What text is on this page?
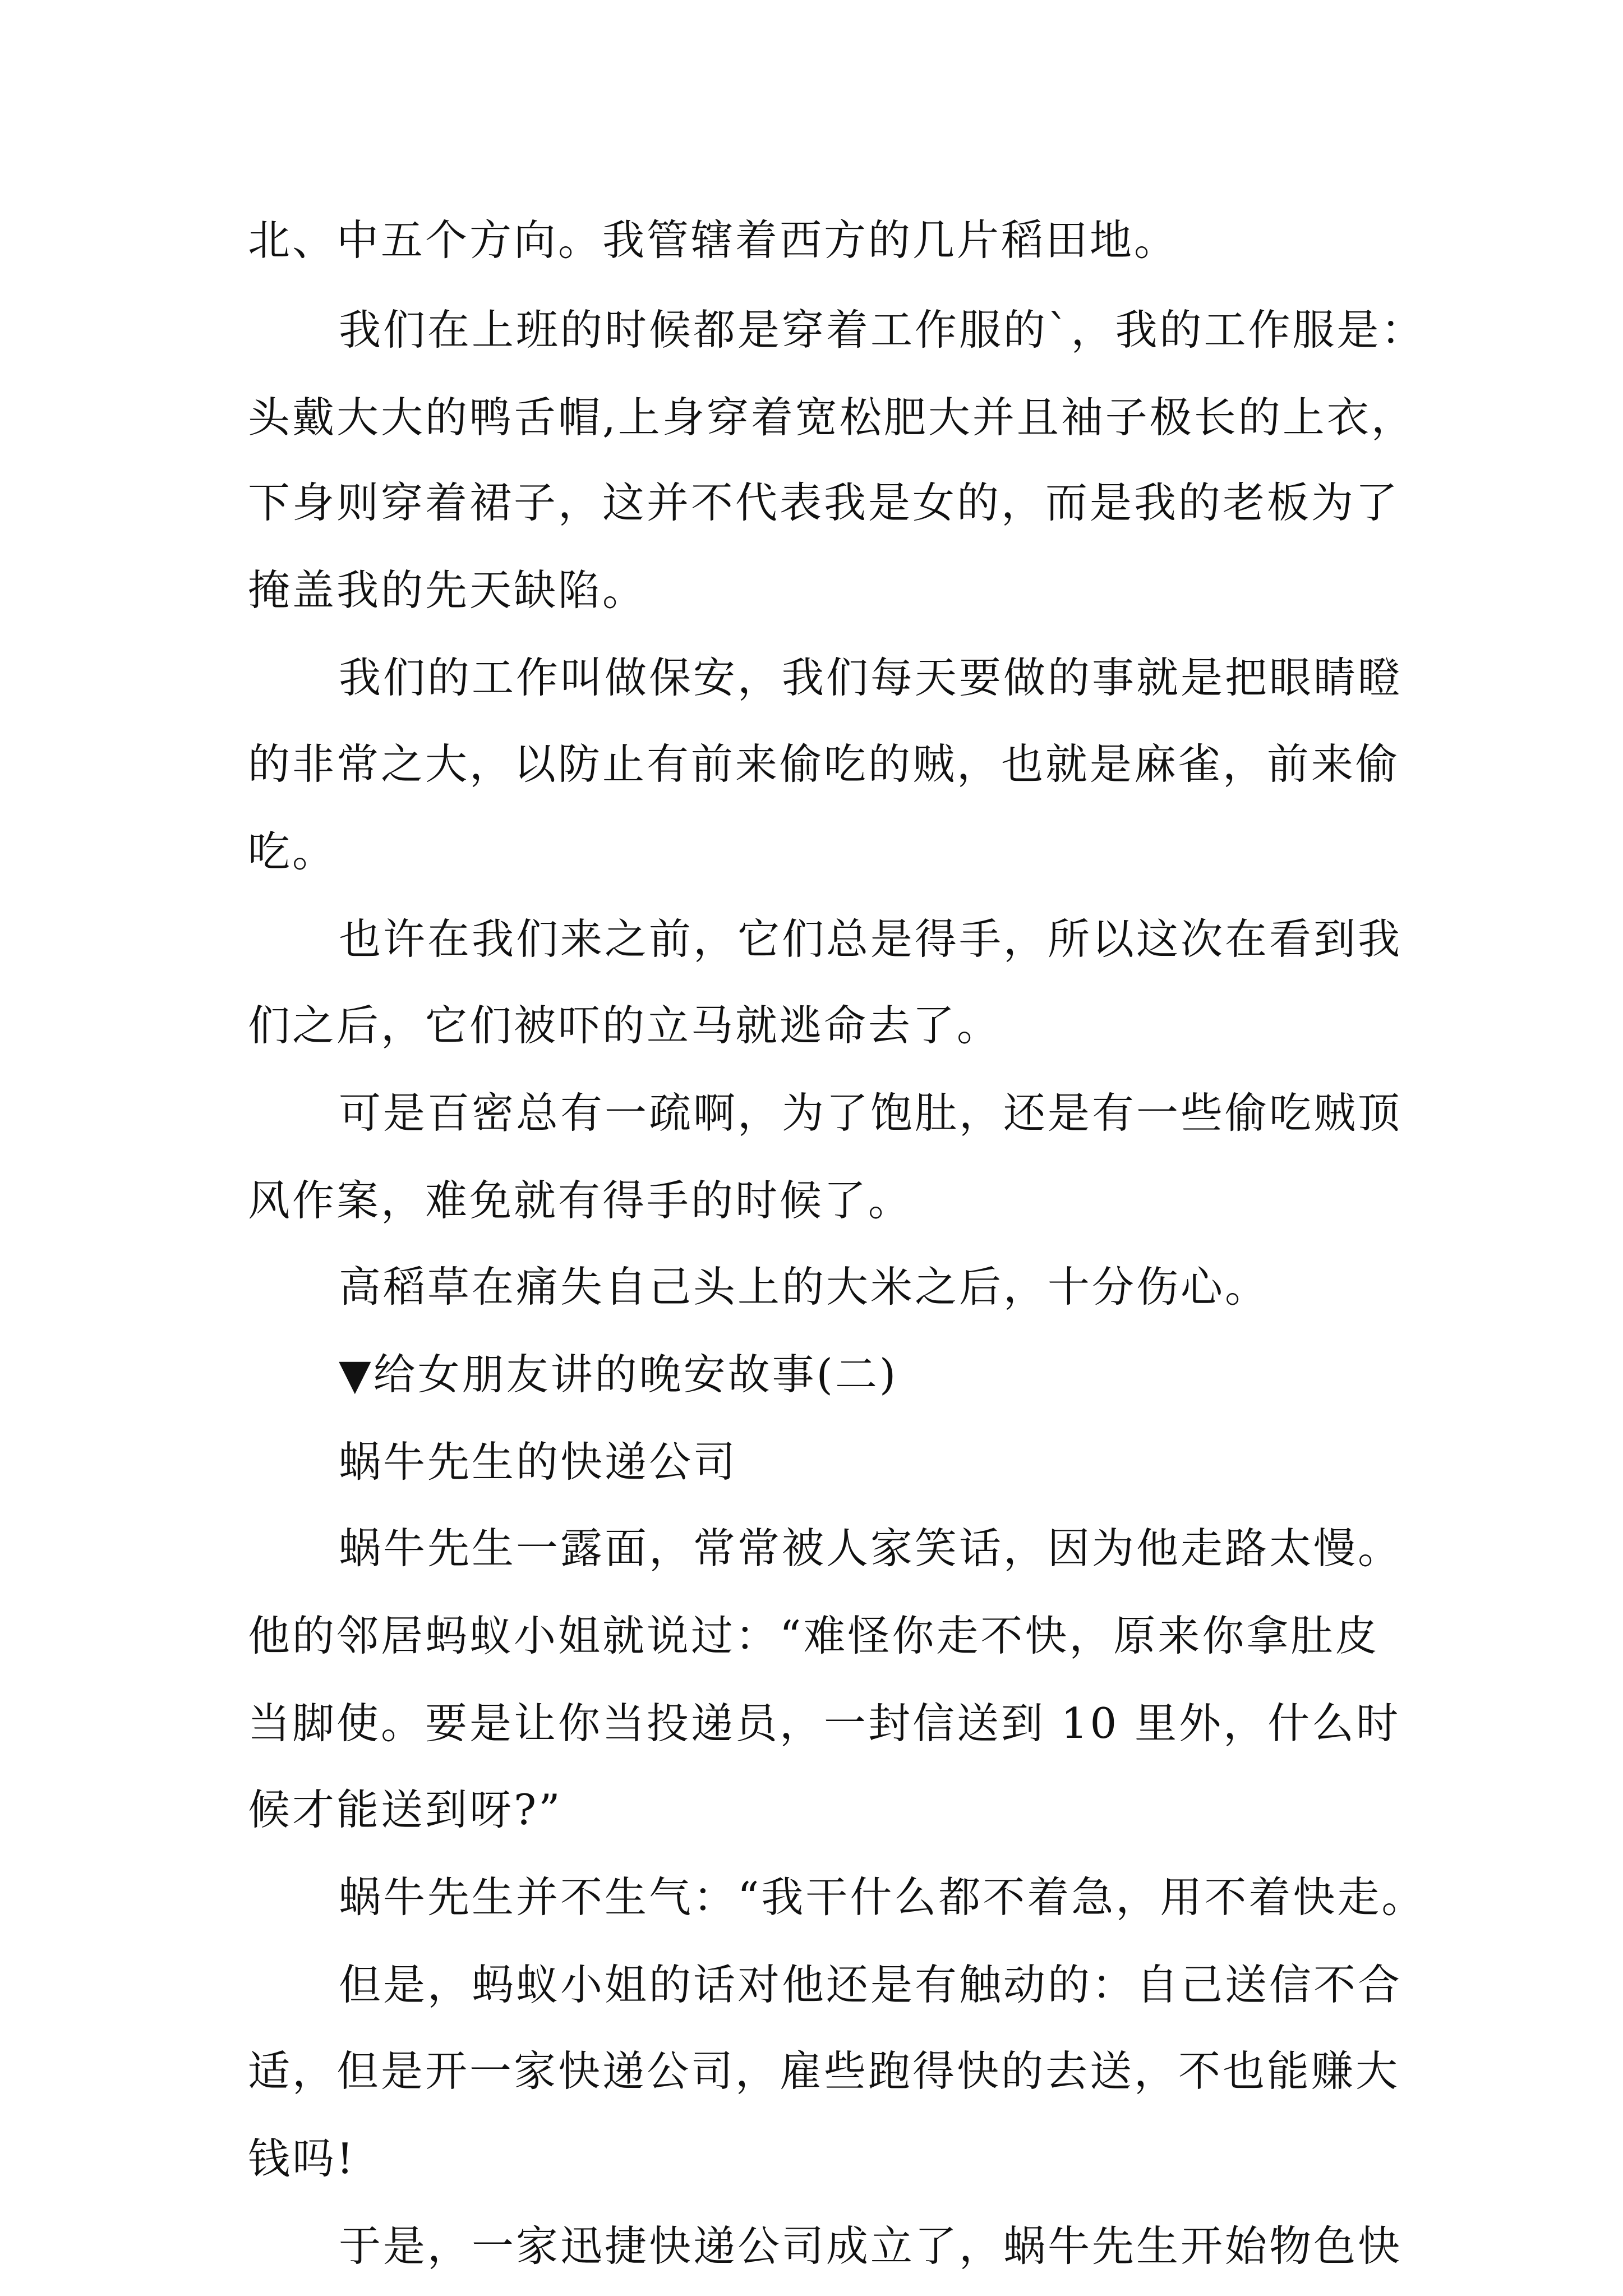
北、中五个方向。我管辖着西方的几片稻田地。
我们在上班的时候都是穿着工作服的`，我的工作服是：
头戴大大的鸭舌帽,上身穿着宽松肥大并且袖子极长的上衣，
下身则穿着裙子，这并不代表我是女的，而是我的老板为了
掩盖我的先天缺陷。
我们的工作叫做保安，我们每天要做的事就是把眼睛瞪
的非常之大，以防止有前来偷吃的贼，也就是麻雀，前来偷
吃。
也许在我们来之前，它们总是得手，所以这次在看到我
们之后，它们被吓的立马就逃命去了。
可是百密总有一疏啊，为了饱肚，还是有一些偷吃贼顶
风作案，难免就有得手的时候了。
高稻草在痛失自己头上的大米之后，十分伤心。
▼给女朋友讲的晚安故事(二)
蜗牛先生的快递公司
蜗牛先生一露面，常常被人家笑话，因为他走路太慢。
他的邻居蚂蚁小姐就说过：“难怪你走不快，原来你拿肚皮
当脚使。要是让你当投递员，一封信送到 10 里外，什么时
候才能送到呀?”
蜗牛先生并不生气：“我干什么都不着急，用不着快走。
但是，蚂蚁小姐的话对他还是有触动的：自己送信不合
适，但是开一家快递公司，雇些跑得快的去送，不也能赚大
钱吗!
于是，一家迅捷快递公司成立了，蜗牛先生开始物色快
